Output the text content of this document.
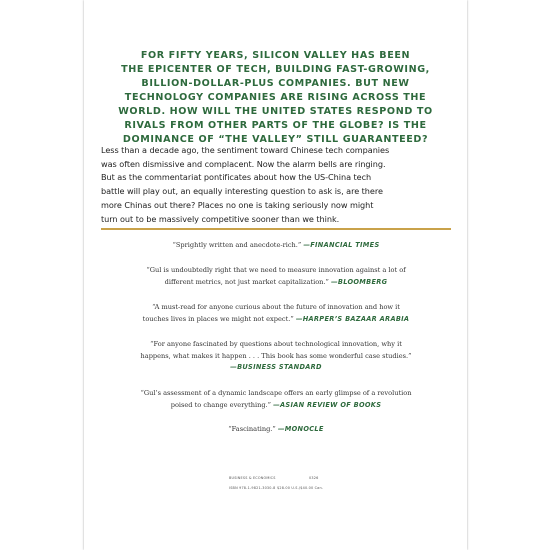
FOR FIFTY YEARS, SILICON VALLEY HAS BEEN
THE EPICENTER OF TECH, BUILDING FAST-GROWING,
BILLION-DOLLAR-PLUS COMPANIES. BUT NEW
TECHNOLOGY COMPANIES ARE RISING ACROSS THE
WORLD. HOW WILL THE UNITED STATES RESPOND TO
RIVALS FROM OTHER PARTS OF THE GLOBE? IS THE
DOMINANCE OF “THE VALLEY” STILL GUARANTEED?

Less than a decade ago, the sentiment toward Chinese tech companies
was often dismissive and complacent. Now the alarm bells are ringing.
But as the commentariat pontificates about how the US-China tech
battle will play out, an equally interesting question to ask is, are there
more Chinas out there? Places no one is taking seriously now might
turn out to be massively competitive sooner than we think.

“Sprightly written and anecdote-rich.” —FINANCIAL TIMES

“Gul is undoubtedly right that we need to measure innovation against a lot of
different metrics, not just market capitalization.” —BLOOMBERG

“A must-read for anyone curious about the future of innovation and how it
touches lives in places we might not expect.” —HARPER’S BAZAAR ARABIA

“For anyone fascinated by questions about technological innovation, why it
happens, what makes it happen . . . This book has some wonderful case studies.”
—BUSINESS STANDARD

“Gul’s assessment of a dynamic landscape offers an early glimpse of a revolution
poised to change everything.” —ASIAN REVIEW OF BOOKS

“Fascinating.” —MONOCLE

BUSINESS & ECONOMICS	0326
ISBN 978-1-9821-3030-8 $28.00 U.S./$40.00 Can.
